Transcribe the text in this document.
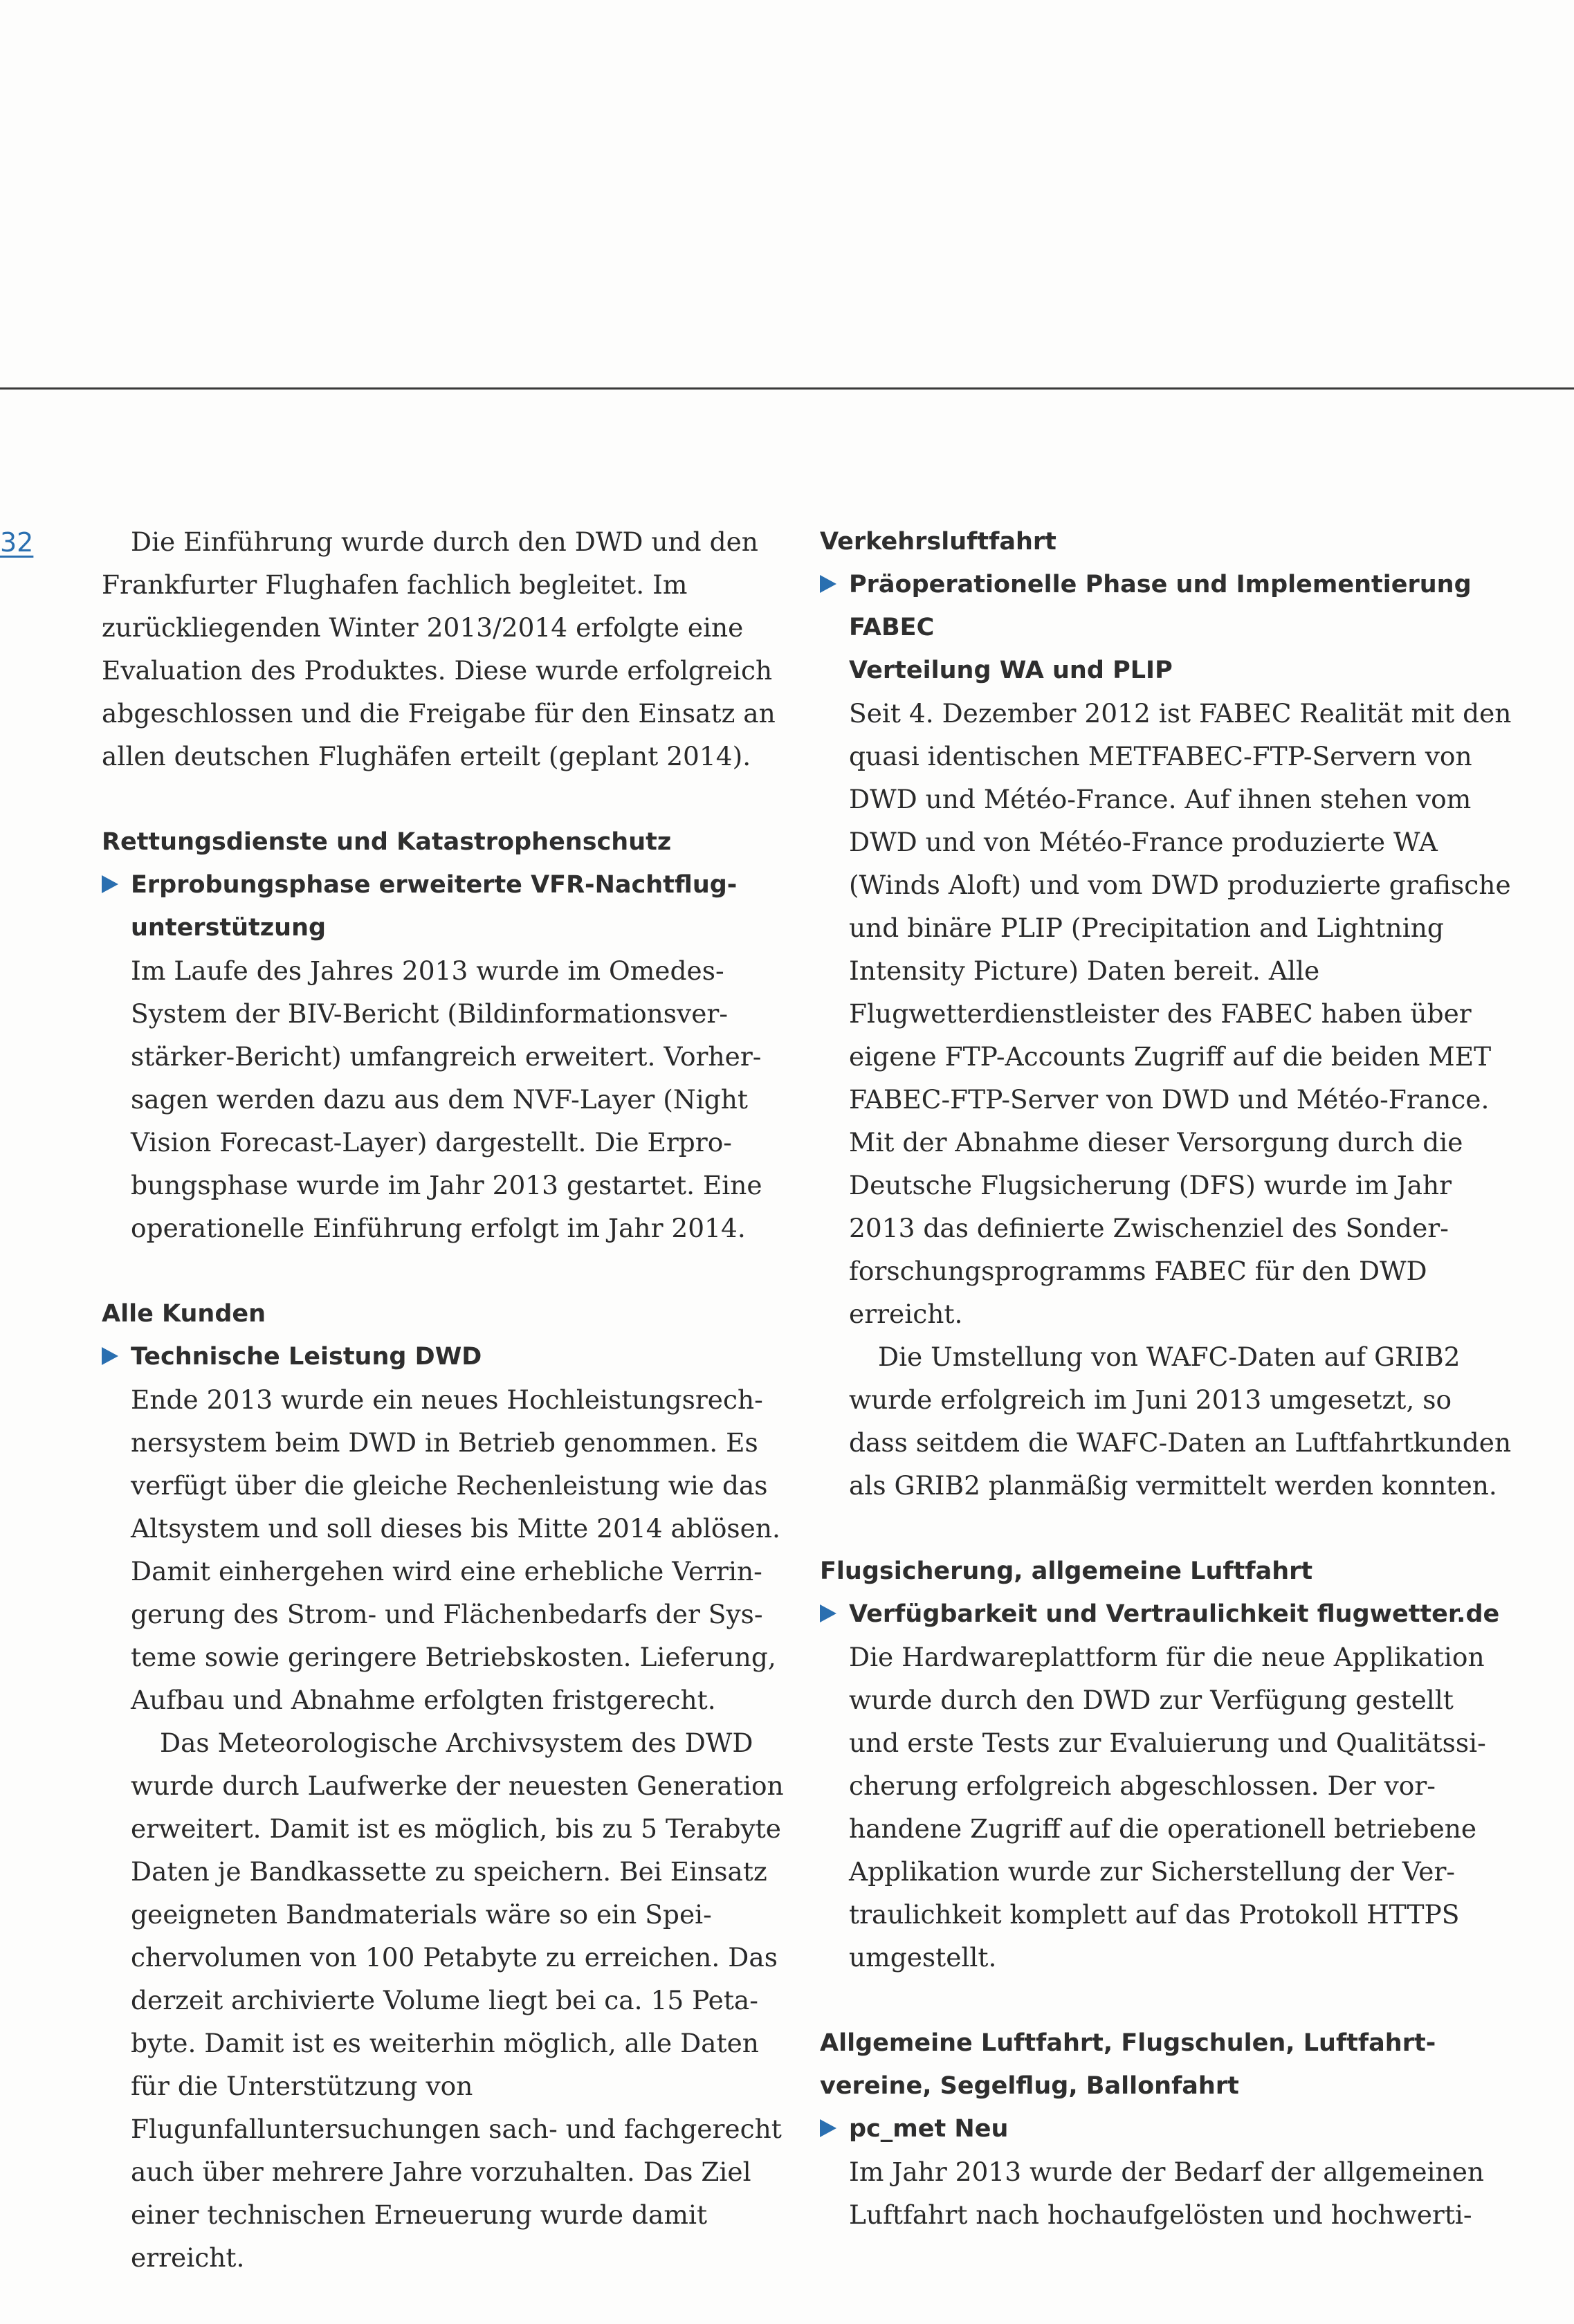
32	Die Einführung wurde durch den DWD und den Frankfurter Flughafen fachlich begleitet. Im zurückliegenden Winter 2013/2014 erfolgte eine Evaluation des Produktes. Diese wurde erfolgreich abgeschlossen und die Freigabe für den Einsatz an allen deutschen Flughäfen erteilt (geplant 2014).

Rettungsdienste und Katastrophenschutz
Erprobungsphase erweiterte VFR-Nachtflugunterstützung

Im Laufe des Jahres 2013 wurde im Omedes-System der BIV-Bericht (Bildinformationsverstärker-Bericht) umfangreich erweitert. Vorhersagen werden dazu aus dem NVF-Layer (Night Vision Forecast-Layer) dargestellt. Die Erprobungsphase wurde im Jahr 2013 gestartet. Eine operationelle Einführung erfolgt im Jahr 2014.

Alle Kunden
Technische Leistung DWD

Ende 2013 wurde ein neues Hochleistungsrechnersystem beim DWD in Betrieb genommen. Es verfügt über die gleiche Rechenleistung wie das Altsystem und soll dieses bis Mitte 2014 ablösen. Damit einhergehen wird eine erhebliche Verringerung des Strom- und Flächenbedarfs der Systeme sowie geringere Betriebskosten. Lieferung, Aufbau und Abnahme erfolgten fristgerecht.

Das Meteorologische Archivsystem des DWD wurde durch Laufwerke der neuesten Generation erweitert. Damit ist es möglich, bis zu 5 Terabyte Daten je Bandkassette zu speichern. Bei Einsatz geeigneten Bandmaterials wäre so ein Speichervolumen von 100 Petabyte zu erreichen. Das derzeit archivierte Volume liegt bei ca. 15 Petabyte. Damit ist es weiterhin möglich, alle Daten für die Unterstützung von Flugunfalluntersuchungen sach- und fachgerecht auch über mehrere Jahre vorzuhalten. Das Ziel einer technischen Erneuerung wurde damit erreicht.

Verkehrsluftfahrt
Präoperationelle Phase und Implementierung FABEC
Verteilung WA und PLIP

Seit 4. Dezember 2012 ist FABEC Realität mit den quasi identischen METFABEC-FTP-Servern von DWD und Météo-France. Auf ihnen stehen vom DWD und von Météo-France produzierte WA (Winds Aloft) und vom DWD produzierte grafische und binäre PLIP (Precipitation and Lightning Intensity Picture) Daten bereit. Alle Flugwetterdienstleister des FABEC haben über eigene FTP-Accounts Zugriff auf die beiden MET FABEC-FTP-Server von DWD und Météo-France. Mit der Abnahme dieser Versorgung durch die Deutsche Flugsicherung (DFS) wurde im Jahr 2013 das definierte Zwischenziel des Sonderforschungsprogramms FABEC für den DWD erreicht.

Die Umstellung von WAFC-Daten auf GRIB2 wurde erfolgreich im Juni 2013 umgesetzt, so dass seitdem die WAFC-Daten an Luftfahrtkunden als GRIB2 planmäßig vermittelt werden konnten.

Flugsicherung, allgemeine Luftfahrt
Verfügbarkeit und Vertraulichkeit flugwetter.de

Die Hardwareplattform für die neue Applikation wurde durch den DWD zur Verfügung gestellt und erste Tests zur Evaluierung und Qualitätssicherung erfolgreich abgeschlossen. Der vorhandene Zugriff auf die operationell betriebene Applikation wurde zur Sicherstellung der Vertraulichkeit komplett auf das Protokoll HTTPS umgestellt.

Allgemeine Luftfahrt, Flugschulen, Luftfahrtvereine, Segelflug, Ballonfahrt
pc_met Neu

Im Jahr 2013 wurde der Bedarf der allgemeinen Luftfahrt nach hochaufgelösten und hochwerti-
